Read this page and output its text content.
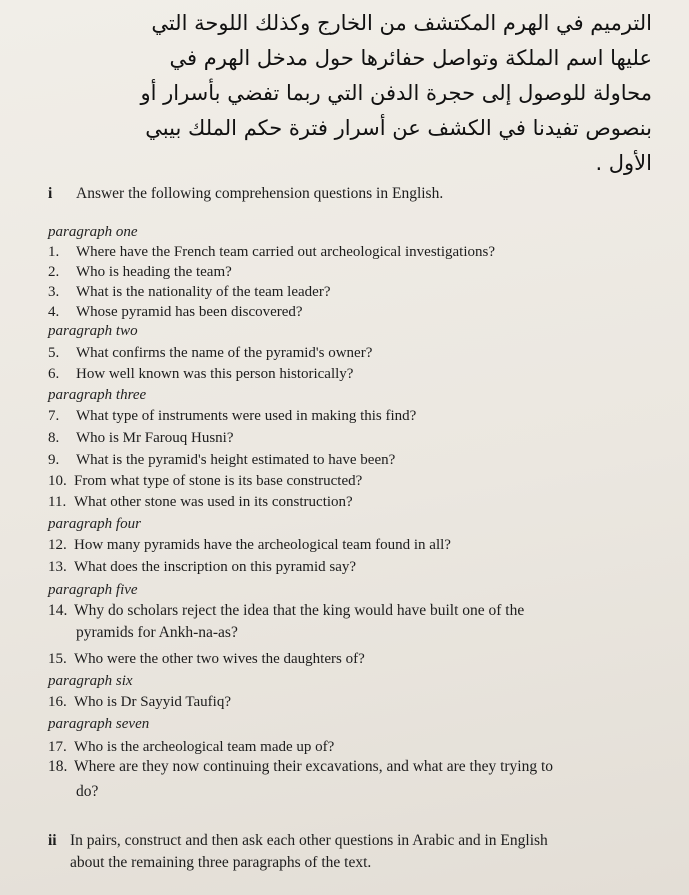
الترميم في الهرم المكتشف من الخارج وكذلك اللوحة التي

عليها اسم الملكة وتواصل حفائرها حول مدخل الهرم في

محاولة للوصول إلى حجرة الدفن التي ربما تفضي بأسرار أو

بنصوص تفيدنا في الكشف عن أسرار فترة حكم الملك بيبي

الأول .

i Answer the following comprehension questions in English.
paragraph one
1. Where have the French team carried out archeological investigations?
2. Who is heading the team?
3. What is the nationality of the team leader?
4. Whose pyramid has been discovered?
paragraph two
5. What confirms the name of the pyramid's owner?
6. How well known was this person historically?
paragraph three
7. What type of instruments were used in making this find?
8. Who is Mr Farouq Husni?
9. What is the pyramid's height estimated to have been?
10. From what type of stone is its base constructed?
11. What other stone was used in its construction?
paragraph four
12. How many pyramids have the archeological team found in all?
13. What does the inscription on this pyramid say?
paragraph five
14. Why do scholars reject the idea that the king would have built one of the
pyramids for Ankh-na-as?
15. Who were the other two wives the daughters of?
paragraph six
16. Who is Dr Sayyid Taufiq?
paragraph seven
17. Who is the archeological team made up of?
18. Where are they now continuing their excavations, and what are they trying to
do?
ii In pairs, construct and then ask each other questions in Arabic and in English
about the remaining three paragraphs of the text.
